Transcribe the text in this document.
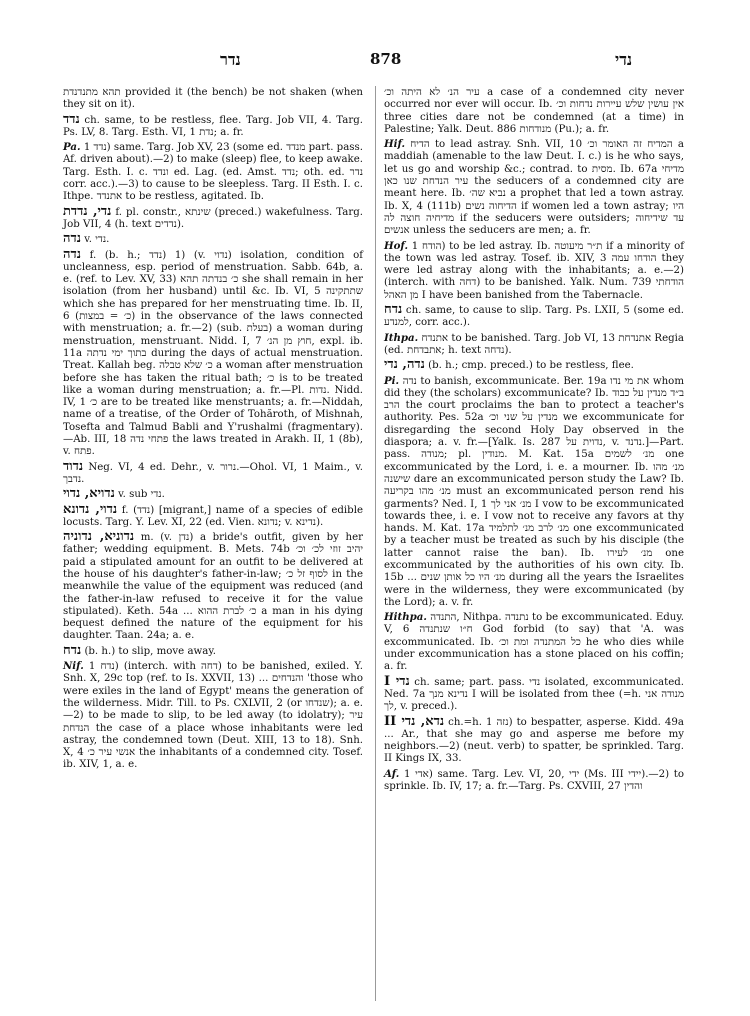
נדר	878	נדי

תהא מתנדנדת provided it (the bench) be not shaken (when they sit on it).

נדד ch. same, to be restless, flee. Targ. Job VII, 4. Targ. Ps. LV, 8. Targ. Esth. VI, 1 נדת; a. fr.

Pa. נדד 1) same. Targ. Job XV, 23 (some ed. מנדד part. pass. Af. driven about).—2) to make (sleep) flee, to keep awake. Targ. Esth. I. c. ונדד ed. Lag. (ed. Amst. נדד; oth. ed. נדר corr. acc.).—3) to cause to be sleepless. Targ. II Esth. I. c. Ithpe. אתנדד to be restless, agitated. Ib.

נדי, נדדת f. pl. constr., שינתא (preced.) wakefulness. Targ. Job VII, 4 (h. text נדדים).

נדה v. נדי.

נדה f. (b. h.; נדד) 1) (v. נדוי) isolation, condition of uncleanness, esp. period of menstruation. Sabb. 64b, a. e. (ref. to Lev. XV, 33) כ׳ בנדתה תהא she shall remain in her isolation (from her husband) until &c. Ib. VI, 5 שתתקינה which she has prepared for her menstruating time. Ib. II, 6 (כ׳ = במצות) in the observance of the laws connected with menstruation; a. fr.—2) (sub. בעלת) a woman during menstruation, menstruant. Nidd. I, 7 חוץ מן הנ׳, expl. ib. 11a בתוך ימי נדתה during the days of actual menstruation. Treat. Kallah beg. כ׳ שלא טבלה a woman after menstruation before she has taken the ritual bath; כ׳ is to be treated like a woman during menstruation; a. fr.—Pl. נדות. Nidd. IV, 1 כ׳ are to be treated like menstruants; a. fr.—Niddah, name of a treatise, of the Order of Tohăroth, of Mishnah, Tosefta and Talmud Babli and Y'rushalmi (fragmentary).—Ab. III, 18 פתחי נדה the laws treated in Arakh. II, 1 (8b), v. פתח.

נדוד Neg. VI, 4 ed. Dehr., v. נרור.—Ohol. VI, 1 Maim., v. נדבך.

נדויא, נדוי v. sub נדי.

נדוי, נדונא f. (נדד) [migrant,] name of a species of edible locusts. Targ. Y. Lev. XI, 22 (ed. Vien. נדונא; v. נדינא).

נדוניא, נדוניה m. (v. נדן) a bride's outfit, given by her father; wedding equipment. B. Mets. 74b יהיב זוזי לכ׳ וכ׳ paid a stipulated amount for an outfit to be delivered at the house of his daughter's father-in-law; לסוף זל כ׳ in the meanwhile the value of the equipment was reduced (and the father-in-law refused to receive it for the value stipulated). Keth. 54a ... כ׳ לברת ההוא a man in his dying bequest defined the nature of the equipment for his daughter. Taan. 24a; a. e.

נדח (b. h.) to slip, move away.

Nif. נדח 1) (interch. with דחה) to be banished, exiled. Y. Snh. X, 29c top (ref. to Is. XXVII, 13) ... והנדחים 'those who were exiles in the land of Egypt' means the generation of the wilderness. Midr. Till. to Ps. CXLVII, 2 (or שנדחו); a. e.—2) to be made to slip, to be led away (to idolatry); עיר הנדחת the case of a place whose inhabitants were led astray, the condemned town (Deut. XIII, 13 to 18). Snh. X, 4 אנשי עיר כ׳ the inhabitants of a condemned city. Tosef. ib. XIV, 1, a. e.

עיר הנ׳ לא היתה וכ׳ a case of a condemned city never occurred nor ever will occur. Ib. אין עושין שלש עיירות נדחות וכ׳ three cities dare not be condemned (at a time) in Palestine; Yalk. Deut. 886 מנודחות (Pu.); a. fr.

Hif. הדיח to lead astray. Snh. VII, 10 המדיח זה האומר וכ׳ a maddiah (amenable to the law Deut. I. c.) is he who says, let us go and worship &c.; contrad. to מסית. Ib. 67a מדיחי עיר הנדחת שנו כאן the seducers of a condemned city are meant here. Ib. נביא שה׳ a prophet that led a town astray. Ib. X, 4 (111b) הדיחוה נשים if women led a town astray; היו מדיחיה חוצה לה if the seducers were outsiders; עד שידיחוה אנשים unless the seducers are men; a. fr.

Hof. הודח 1) to be led astray. Ib. ת״ר מיעוטה if a minority of the town was led astray. Tosef. ib. XIV, 3 הודחו עמה they were led astray along with the inhabitants; a. e.—2) (interch. with דחה) to be banished. Yalk. Num. 739 הודחתי מן האהל I have been banished from the Tabernacle.

נדח ch. same, to cause to slip. Targ. Ps. LXII, 5 (some ed. למנדע, corr. acc.).

Ithpa. אתנדח to be banished. Targ. Job VI, 13 אתנדחת Regia (ed. אתבדחת; h. text נדחה).

נדה, נדי (b. h.; cmp. preced.) to be restless, flee.

Pi. נדה to banish, excommunicate. Ber. 19a את מי נדו whom did they (the scholars) excommunicate? Ib. ב״ד מנדין על כבוד הרב the court proclaims the ban to protect a teacher's authority. Pes. 52a מנדין על שני וכ׳ we excommunicate for disregarding the second Holy Day observed in the diaspora; a. v. fr.—[Yalk. Is. 287 נדוית על, v. נדנד.]—Part. pass. מנודה; pl. מנודין. M. Kat. 15a מנ׳ לשמים one excommunicated by the Lord, i. e. a mourner. Ib. מנ׳ מהו שישנה dare an excommunicated person study the Law? Ib. מנ׳ מהו בקריעה must an excommunicated person rend his garments? Ned. I, 1 מנ׳ אני לך I vow to be excommunicated towards thee, i. e. I vow not to receive any favors at thy hands. M. Kat. 17a מנ׳ לרב מנ׳ לתלמיד one excommunicated by a teacher must be treated as such by his disciple (the latter cannot raise the ban). Ib. מנ׳ לעירו one excommunicated by the authorities of his own city. Ib. 15b ... מנ׳ היו כל אותן שנים during all the years the Israelites were in the wilderness, they were excommunicated (by the Lord); a. v. fr.

Hithpa. התנדה, Nithpa. נתנדה to be excommunicated. Eduy. V, 6 ח״ו שנתנדה God forbid (to say) that 'A. was excommunicated. Ib. כל המתנדה ומת וכ׳ he who dies while under excommunication has a stone placed on his coffin; a. fr.

נדי I ch. same; part. pass. נדי isolated, excommunicated. Ned. 7a נדינא מנך I will be isolated from thee (=h. מנודה אני לך, v. preced.).

נדא, נדי II ch.=h. נזה 1) to bespatter, asperse. Kidd. 49a ... Ar., that she may go and asperse me before my neighbors.—2) (neut. verb) to spatter, be sprinkled. Targ. II Kings IX, 33.

Af. אדי 1) same. Targ. Lev. VI, 20, ידי (Ms. III יידי).—2) to sprinkle. Ib. IV, 17; a. fr.—Targ. Ps. CXVIII, 27 והדין
